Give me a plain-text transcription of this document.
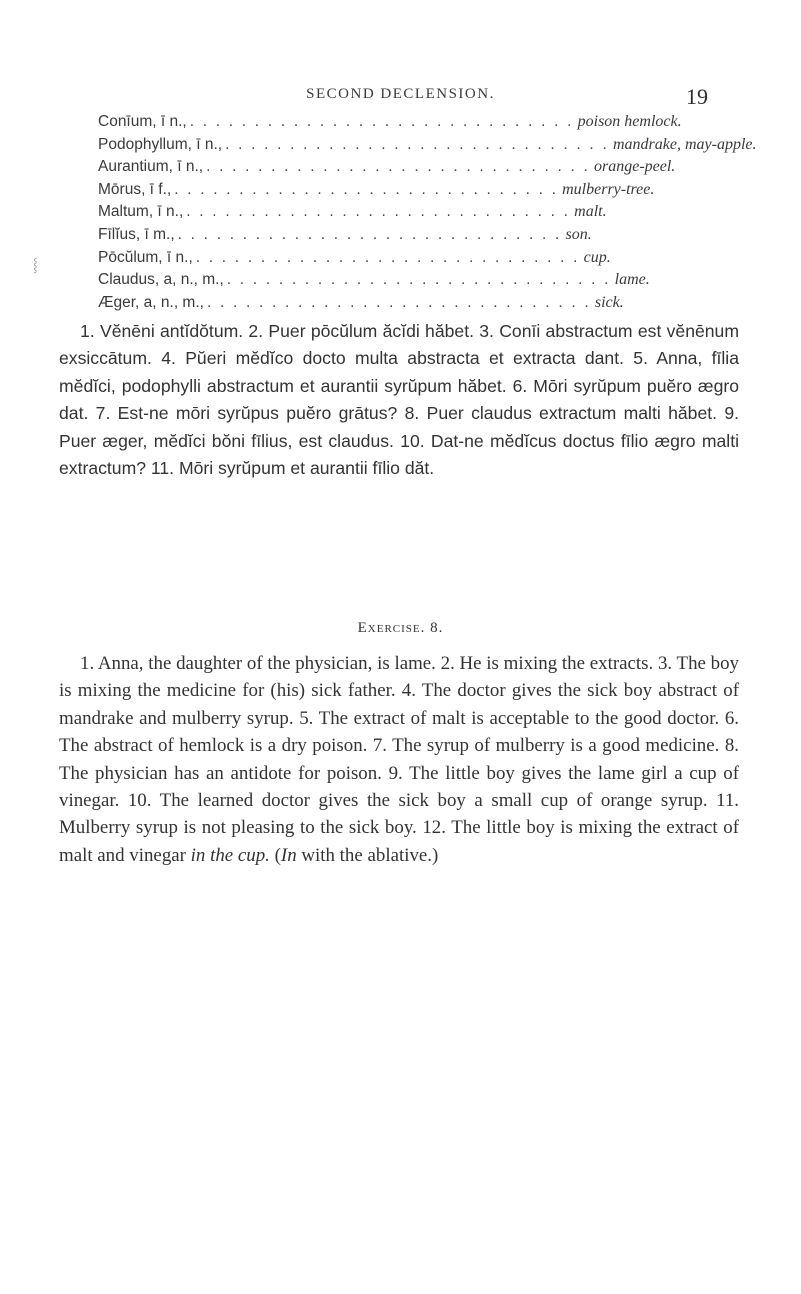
SECOND DECLENSION.	19
⸾
Conīum, ī n., . . . . . . . . . . . . . . . . . . . . . . . . . . . . . . poison hemlock.
Podophyllum, ī n., . . . . . . . . . . . . . . . . . . . . . . . . . . . . . . mandrake, may-apple.
Aurantium, ī n., . . . . . . . . . . . . . . . . . . . . . . . . . . . . . . orange-peel.
Mōrus, ī f., . . . . . . . . . . . . . . . . . . . . . . . . . . . . . . mulberry-tree.
Maltum, ī n., . . . . . . . . . . . . . . . . . . . . . . . . . . . . . . malt.
Fīlĭus, ī m., . . . . . . . . . . . . . . . . . . . . . . . . . . . . . . son.
Pōcŭlum, ī n., . . . . . . . . . . . . . . . . . . . . . . . . . . . . . . cup.
Claudus, a, n., m., . . . . . . . . . . . . . . . . . . . . . . . . . . . . . . lame.
Æger, a, n., m., . . . . . . . . . . . . . . . . . . . . . . . . . . . . . . sick.
1. Vĕnēni antĭdŏtum. 2. Puer pōcŭlum ăcĭdi hăbet. 3. Conīi abstractum est vĕnēnum exsiccātum. 4. Pŭeri mĕdĭco docto multa abstracta et extracta dant. 5. Anna, fīlia mĕdĭci, podophylli abstractum et aurantii syrŭpum hăbet. 6. Mōri syrŭpum puĕro ægro dat. 7. Est-ne mōri syrŭpus puĕro grātus? 8. Puer claudus extractum malti hăbet. 9. Puer æger, mĕdĭci bŏni fīlius, est claudus. 10. Dat-ne mĕdĭcus doctus fīlio ægro malti extractum? 11. Mōri syrŭpum et aurantii fīlio dăt.
Exercise. 8.
1. Anna, the daughter of the physician, is lame. 2. He is mixing the extracts. 3. The boy is mixing the medicine for (his) sick father. 4. The doctor gives the sick boy abstract of mandrake and mulberry syrup. 5. The extract of malt is acceptable to the good doctor. 6. The abstract of hemlock is a dry poison. 7. The syrup of mulberry is a good medicine. 8. The physician has an antidote for poison. 9. The little boy gives the lame girl a cup of vinegar. 10. The learned doctor gives the sick boy a small cup of orange syrup. 11. Mulberry syrup is not pleasing to the sick boy. 12. The little boy is mixing the extract of malt and vinegar in the cup. (In with the ablative.)
